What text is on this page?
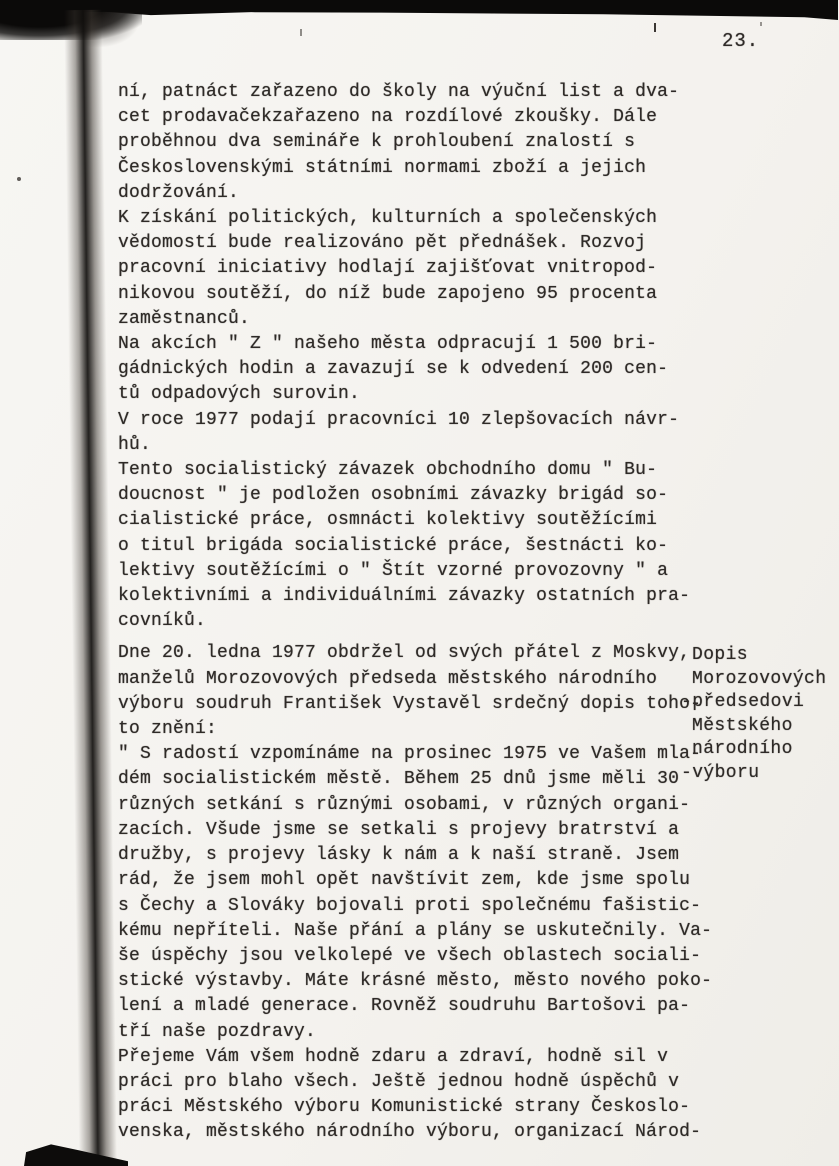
23.
ní, patnáct zařazeno do školy na výuční list a dva-
cet prodavačekzařazeno na rozdílové zkoušky. Dále
proběhnou dva semináře k prohloubení znalostí s
Československými státními normami zboží a jejich
dodržování.
K získání politických, kulturních a společenských
vědomostí bude realizováno pět přednášek. Rozvoj
pracovní iniciativy hodlají zajišťovat vnitropod-
nikovou soutěží, do níž bude zapojeno 95 procenta
zaměstnanců.
Na akcích " Z " našeho města odpracují 1 500 bri-
gádnických hodin a zavazují se k odvedení 200 cen-
tů odpadových surovin.
V roce 1977 podají pracovníci 10 zlepšovacích návr-
hů.
Tento socialistický závazek obchodního domu " Bu-
doucnost " je podložen osobními závazky brigád so-
cialistické práce, osmnácti kolektivy soutěžícími
o titul brigáda socialistické práce, šestnácti ko-
lektivy soutěžícími o " Štít vzorné provozovny " a
kolektivními a individuálními závazky ostatních pra-
covníků.
Dne 20. ledna 1977 obdržel od svých přátel z Moskvy,
manželů Morozovových předseda městského národního
výboru soudruh František Vystavěl srdečný dopis toho-
to znění:
" S radostí vzpomínáme na prosinec 1975 ve Vašem mla-
dém socialistickém městě. Během 25 dnů jsme měli 30
různých setkání s různými osobami, v různých organi-
zacích. Všude jsme se setkali s projevy bratrství a
družby, s projevy lásky k nám a k naší straně. Jsem
rád, že jsem mohl opět navštívit zem, kde jsme spolu
s Čechy a Slováky bojovali proti společnému fašistic-
kému nepříteli. Naše přání a plány se uskutečnily. Va-
še úspěchy jsou velkolepé ve všech oblastech sociali-
stické výstavby. Máte krásné město, město nového poko-
lení a mladé generace. Rovněž soudruhu Bartošovi pa-
tří naše pozdravy.
Přejeme Vám všem hodně zdaru a zdraví, hodně sil v
práci pro blaho všech. Ještě jednou hodně úspěchů v
práci Městského výboru Komunistické strany Českoslo-
venska, městského národního výboru, organizací Národ-
Dopis
Morozovových
-předsedovi
Městského
národního
-výboru
